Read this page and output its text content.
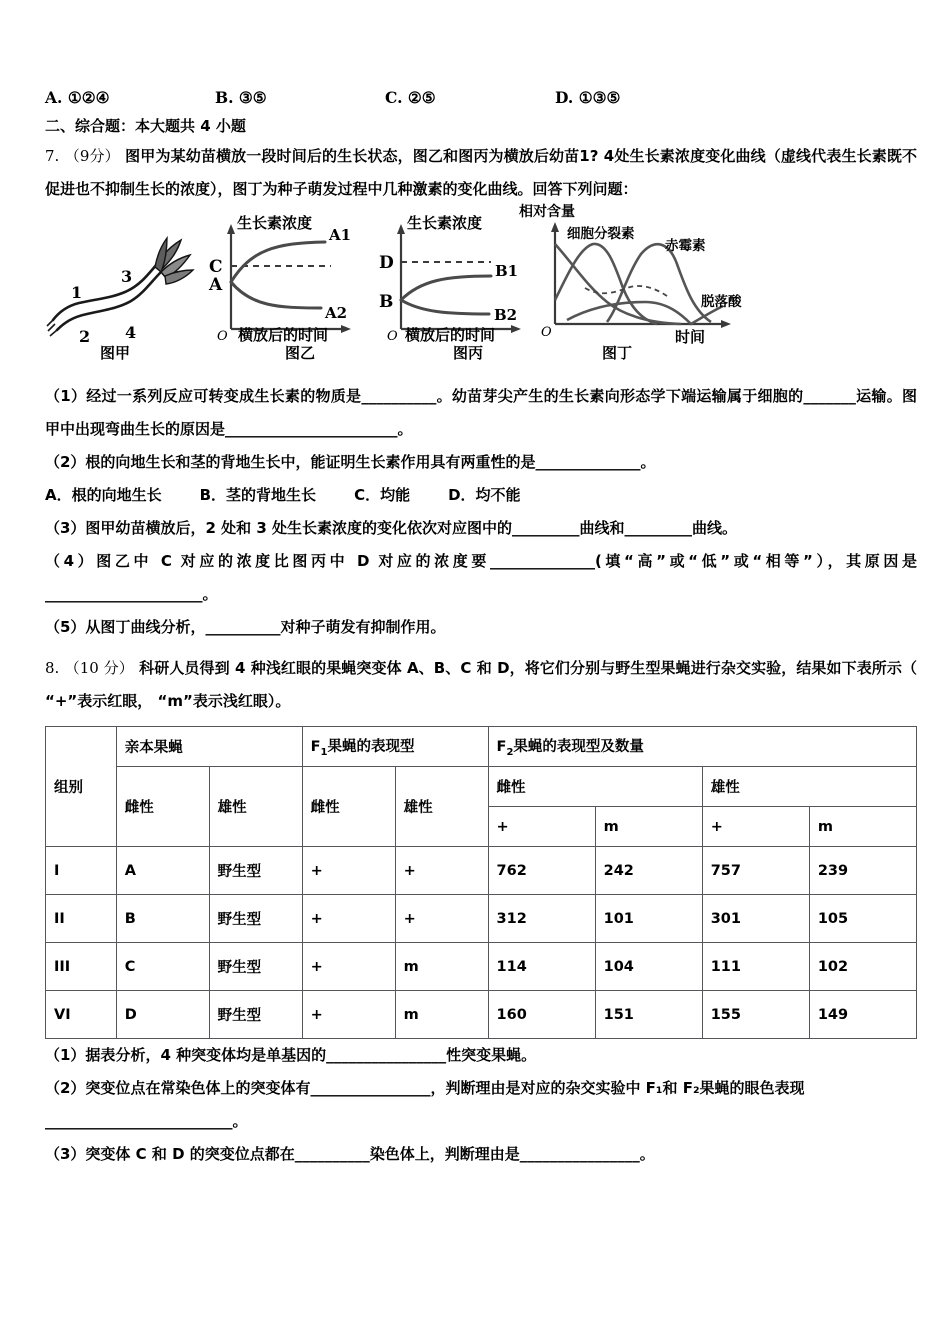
A. ①②④	B. ③⑤	C. ②⑤	D. ①③⑤
二、综合题：本大题共 4 小题
7. （9分） 图甲为某幼苗横放一段时间后的生长状态，图乙和图丙为横放后幼苗1? 4处生长素浓度变化曲线（虚线代表生长素既不促进也不抑制生长的浓度），图丁为种子萌发过程中几种激素的变化曲线。回答下列问题：
1
3
2 4
图甲
C
A
A1
A2
O
生长素浓度
横放后的时间
图乙
D
B
B1
B2
O
生长素浓度
横放后的时间
图丙
相对含量
细胞分裂素
赤霉素
脱落酸
O	时间
图丁
（1）经过一系列反应可转变成生长素的物质是__________。幼苗芽尖产生的生长素向形态学下端运输属于细胞的_______运输。图甲中出现弯曲生长的原因是_______________________。
（2）根的向地生长和茎的背地生长中，能证明生长素作用具有两重性的是______________。
A．根的向地生长	B．茎的背地生长	C．均能	D．均不能
（3）图甲幼苗横放后，2 处和 3 处生长素浓度的变化依次对应图中的_________曲线和_________曲线。
（4）图乙中 C 对应的浓度比图丙中 D 对应的浓度要______________(填“高”或“低”或“相等”），其原因是_____________________。
（5）从图丁曲线分析，__________对种子萌发有抑制作用。
8. （10 分） 科研人员得到 4 种浅红眼的果蝇突变体 A、B、C 和 D，将它们分别与野生型果蝇进行杂交实验，结果如下表所示（ “+”表示红眼， “m”表示浅红眼）。
组别	亲本果蝇		$F_1$果蝇的表现型		$F_2$果蝇的表现型及数量			
	雌性	雄性	雌性	雄性	雌性		雄性	
					+	m	+	m
I	A	野生型	+	+	762	242	757	239
II	B	野生型	+	+	312	101	301	105
III	C	野生型	+	m	114	104	111	102
VI	D	野生型	+	m	160	151	155	149
（1）据表分析，4 种突变体均是单基因的________________性突变果蝇。
（2）突变位点在常染色体上的突变体有________________，判断理由是对应的杂交实验中 F₁和 F₂果蝇的眼色表现_________________________。
（3）突变体 C 和 D 的突变位点都在__________染色体上，判断理由是________________。
